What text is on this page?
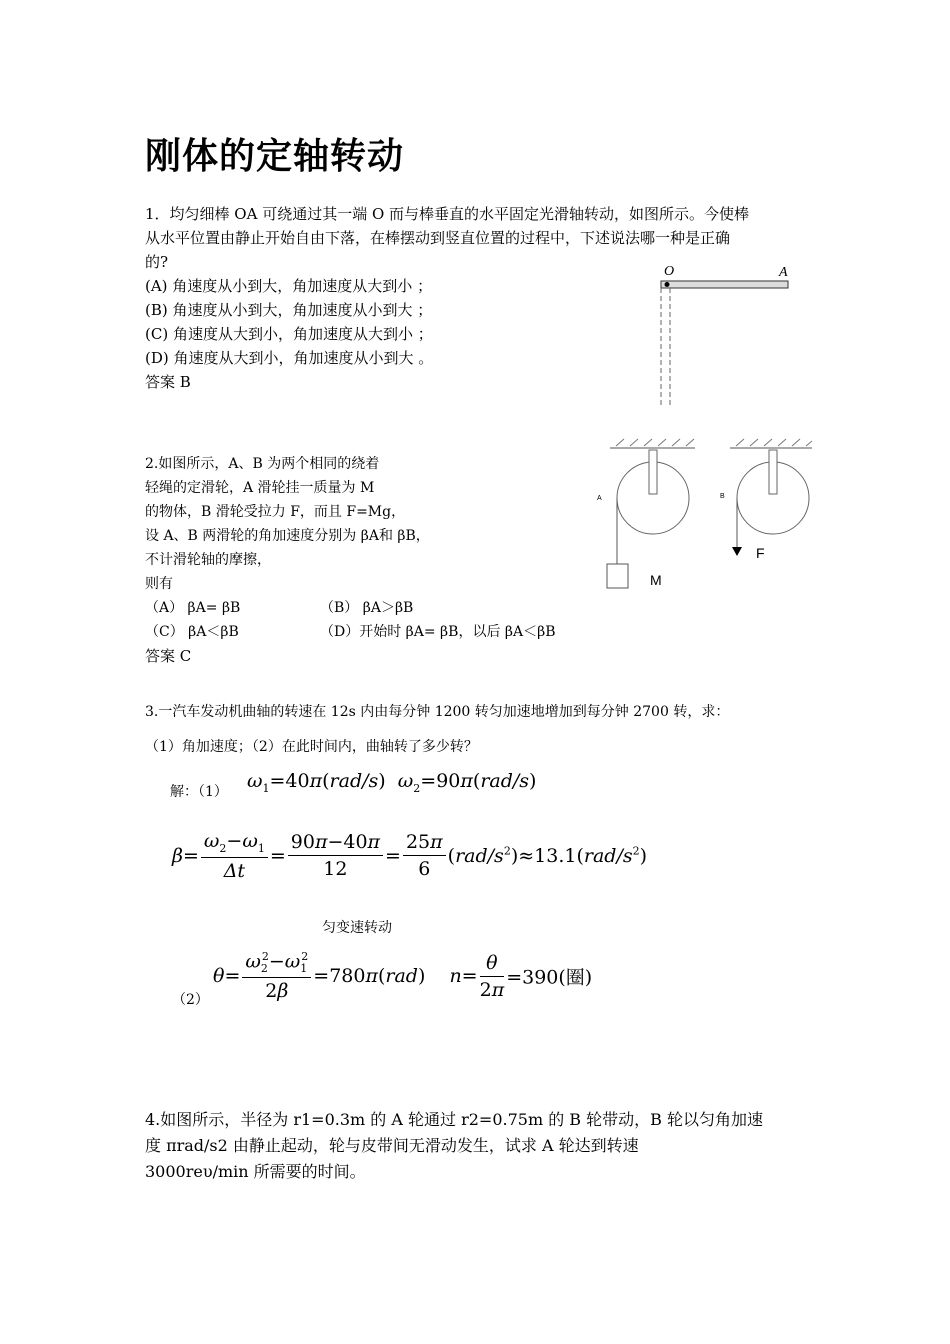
刚体的定轴转动
1．均匀细棒 OA 可绕通过其一端 O 而与棒垂直的水平固定光滑轴转动，如图所示。今使棒
从水平位置由静止开始自由下落，在棒摆动到竖直位置的过程中，下述说法哪一种是正确
的?
(A) 角速度从小到大，角加速度从大到小 ；
(B) 角速度从小到大，角加速度从小到大 ；
(C) 角速度从大到小，角加速度从大到小 ；
(D) 角速度从大到小，角加速度从小到大 。
答案 B
O	A
2.如图所示，A、B 为两个相同的绕着
轻绳的定滑轮，A 滑轮挂一质量为 M
的物体，B 滑轮受拉力 F，而且 F=Mg，
设 A、B 两滑轮的角加速度分别为 βA和 βB，
不计滑轮轴的摩擦，
则有
（A） βA= βB	（B） βA＞βB
（C） βA＜βB	（D）开始时 βA= βB，以后 βA＜βB
答案 C
A
M
B
F
3.一汽车发动机曲轴的转速在 12s 内由每分钟 1200 转匀加速地增加到每分钟 2700 转，求：
（1）角加速度；（2）在此时间内，曲轴转了多少转？
解：（1） $\omega_1=40\pi(rad/s)$ $\omega_2=90\pi(rad/s)$
$\beta= \frac{\omega_2-\omega_1}{\Delta t} = \frac{90\pi-40\pi}{12} = \frac{25\pi}{6} (rad/s^2)\approx 13.1(rad/s^2)$
匀变速转动
（2）
$\theta= \frac{\omega_2^2-\omega_1^2}{2\beta} =780\pi(rad)$ $n= \frac{\theta}{2\pi} =390$(圈)
4.如图所示，半径为 r1=0.3m 的 A 轮通过 r2=0.75m 的 B 轮带动，B 轮以匀角加速
度 πrad/s2 由静止起动，轮与皮带间无滑动发生，试求 A 轮达到转速
3000reυ/min 所需要的时间。
